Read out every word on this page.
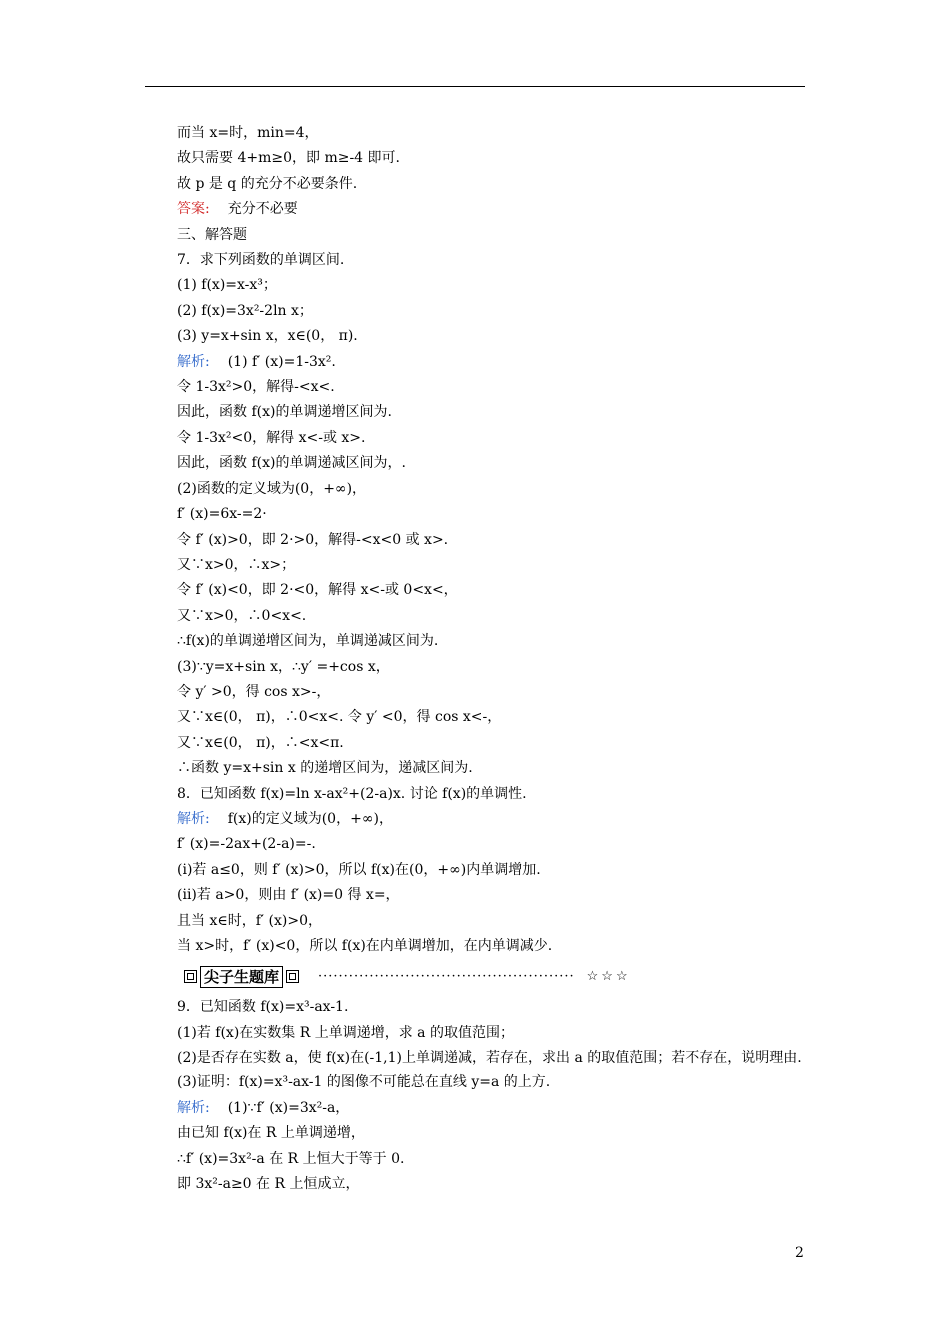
而当 x=时，min=4，
故只需要 4+m≥0，即 m≥-4 即可.
故 p 是 q 的充分不必要条件.
答案: 充分不必要
三、解答题
7．求下列函数的单调区间.
(1) f(x)=x-x³；
(2) f(x)=3x²-2ln x；
(3) y=x+sin x，x∈(0， π).
解析: (1) f′ (x)=1-3x².
令 1-3x²>0，解得-<x<.
因此，函数 f(x)的单调递增区间为.
令 1-3x²<0，解得 x<-或 x>.
因此，函数 f(x)的单调递减区间为，.
(2)函数的定义域为(0，+∞)，
f′ (x)=6x-=2·
令 f′ (x)>0，即 2·>0，解得-<x<0 或 x>.
又∵x>0，∴x>；
令 f′ (x)<0，即 2·<0，解得 x<-或 0<x<，
又∵x>0，∴0<x<.
∴f(x)的单调递增区间为，单调递减区间为.
(3)∵y=x+sin x，∴y′ =+cos x，
令 y′ >0，得 cos x>-，
又∵x∈(0， π)，∴0<x<. 令 y′ <0，得 cos x<-，
又∵x∈(0， π)，∴<x<π.
∴函数 y=x+sin x 的递增区间为，递减区间为.
8．已知函数 f(x)=ln x-ax²+(2-a)x. 讨论 f(x)的单调性.
解析: f(x)的定义域为(0，+∞)，
f′ (x)=-2ax+(2-a)=-.
(ⅰ)若 a≤0，则 f′ (x)>0，所以 f(x)在(0，+∞)内单调增加.
(ⅱ)若 a>0，则由 f′ (x)=0 得 x=，
且当 x∈时，f′ (x)>0，
当 x>时，f′ (x)<0，所以 f(x)在内单调增加，在内单调减少.
尖子生题库	·················································· ☆☆☆
9．已知函数 f(x)=x³-ax-1.
(1)若 f(x)在实数集 R 上单调递增，求 a 的取值范围；
(2)是否存在实数 a，使 f(x)在(-1,1)上单调递减，若存在，求出 a 的取值范围；若不存在，说明理由.
(3)证明：f(x)=x³-ax-1 的图像不可能总在直线 y=a 的上方.
解析: (1)∵f′ (x)=3x²-a，
由已知 f(x)在 R 上单调递增，
∴f′ (x)=3x²-a 在 R 上恒大于等于 0.
即 3x²-a≥0 在 R 上恒成立，
2
